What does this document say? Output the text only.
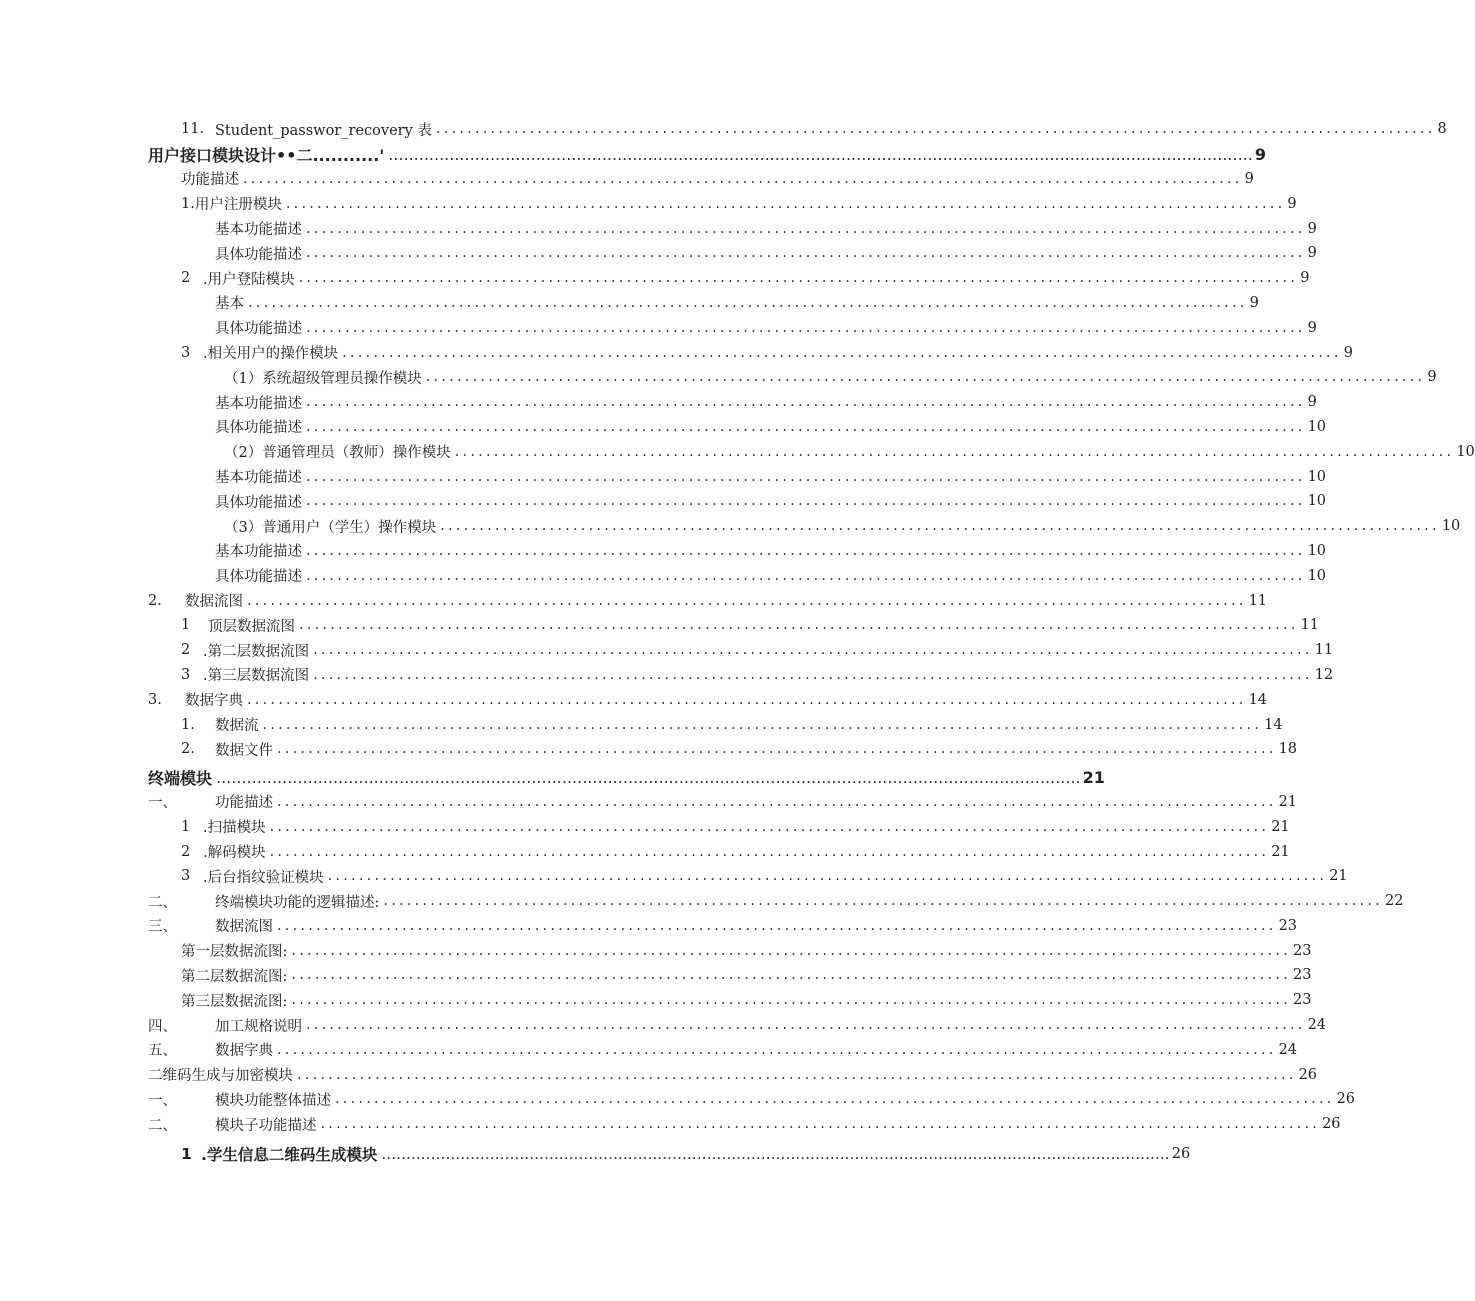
11. Student_passwor_recovery 表 ................................................................................................................................ 8
用户接口模块设计••二...........' .......................................................................................................................................................................... 9
功能描述 ................................................................................................................................ 9
1. 用户注册模块 ................................................................................................................................ 9
基本功能描述 ................................................................................................................................ 9
具体功能描述 ................................................................................................................................ 9
2 .用户登陆模块 ................................................................................................................................ 9
基本 ................................................................................................................................ 9
具体功能描述 ................................................................................................................................ 9
3 .相关用户的操作模块 ................................................................................................................................ 9
（1）系统超级管理员操作模块 ................................................................................................................................ 9
基本功能描述 ................................................................................................................................ 9
具体功能描述 ................................................................................................................................ 10
（2）普通管理员（教师）操作模块 ................................................................................................................................ 10
基本功能描述 ................................................................................................................................ 10
具体功能描述 ................................................................................................................................ 10
（3）普通用户（学生）操作模块 ................................................................................................................................ 10
基本功能描述 ................................................................................................................................ 10
具体功能描述 ................................................................................................................................ 10
2.	数据流图 ................................................................................................................................ 11
1	顶层数据流图 ................................................................................................................................ 11
2 .第二层数据流图 ................................................................................................................................ 11
3 .第三层数据流图 ................................................................................................................................ 12
3.	数据字典 ................................................................................................................................ 14
1.	数据流 ................................................................................................................................ 14
2.	数据文件 ................................................................................................................................ 18
终端模块 .......................................................................................................................................................................... 21
一、	功能描述 ................................................................................................................................ 21
1 .扫描模块 ................................................................................................................................ 21
2 .解码模块 ................................................................................................................................ 21
3 .后台指纹验证模块 ................................................................................................................................ 21
二、	终端模块功能的逻辑描述: ................................................................................................................................ 22
三、	数据流图 ................................................................................................................................ 23
第一层数据流图: ................................................................................................................................ 23
第二层数据流图: ................................................................................................................................ 23
第三层数据流图: ................................................................................................................................ 23
四、	加工规格说明 ................................................................................................................................ 24
五、	数据字典 ................................................................................................................................ 24
二维码生成与加密模块 ................................................................................................................................ 26
一、	模块功能整体描述 ................................................................................................................................ 26
二、	模块子功能描述 ................................................................................................................................ 26
1 .学生信息二维码生成模块 ................................................................................................................................................................ 26
